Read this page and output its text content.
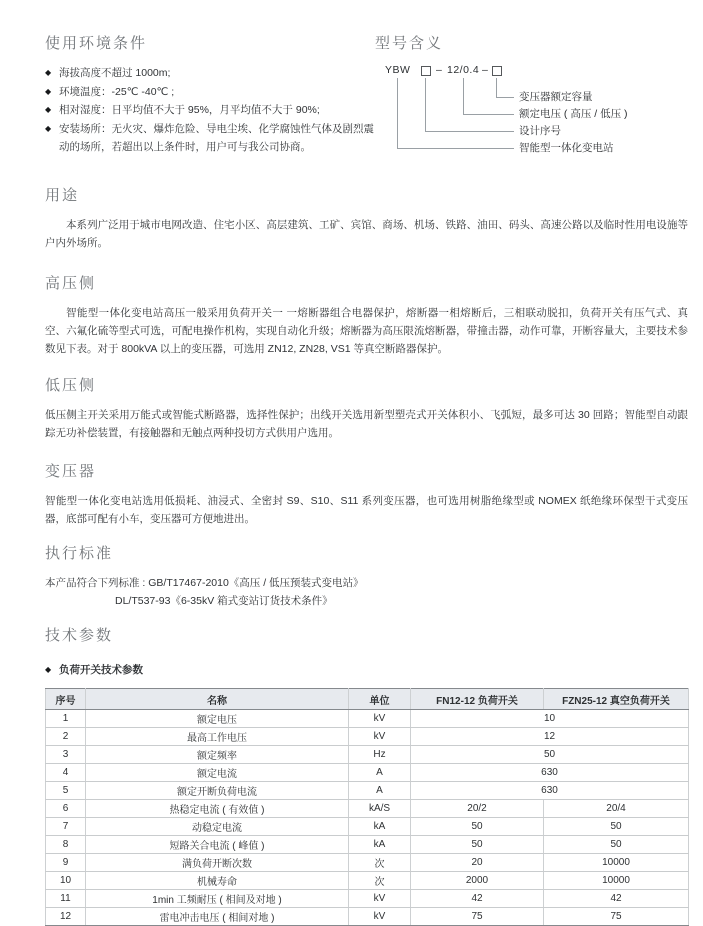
使用环境条件
◆ 海拔高度不超过 1000m;
◆ 环境温度：-25℃ -40℃ ;
◆ 相对湿度：日平均值不大于 95%，月平均值不大于 90%;
◆ 安装场所：无火灾、爆炸危险、导电尘埃、化学腐蚀性气体及剧烈震动的场所，若超出以上条件时，用户可与我公司协商。
型号含义
YBW – 12/0.4 –
变压器额定容量
额定电压 ( 高压 / 低压 )
设计序号
智能型一体化变电站
用途

本系列广泛用于城市电网改造、住宅小区、高层建筑、工矿、宾馆、商场、机场、铁路、油田、码头、高速公路以及临时性用电设施等户内外场所。

高压侧

智能型一体化变电站高压一般采用负荷开关一 一熔断器组合电器保护，熔断器一相熔断后，三相联动脱扣，负荷开关有压气式、真空、六氟化硫等型式可选，可配电操作机构，实现自动化升级；熔断器为高压限流熔断器，带撞击器，动作可靠，开断容量大，主要技术参数见下表。对于 800kVA 以上的变压器，可选用 ZN12, ZN28, VS1 等真空断路器保护。

低压侧

低压侧主开关采用万能式或智能式断路器，选择性保护；出线开关选用新型塑壳式开关体积小、飞弧短，最多可达 30 回路；智能型自动跟踪无功补偿装置，有接触器和无触点两种投切方式供用户选用。

变压器

智能型一体化变电站选用低损耗、油浸式、全密封 S9、S10、S11 系列变压器，也可选用树脂绝缘型或 NOMEX 纸绝缘环保型干式变压器，底部可配有小车，变压器可方便地进出。

执行标准

本产品符合下列标准 : GB/T17467-2010《高压 / 低压预装式变电站》

DL/T537-93《6-35kV 箱式变站订货技术条件》

技术参数
◆ 负荷开关技术参数
序号	名称	单位	FN12-12 负荷开关	FZN25-12 真空负荷开关
1	额定电压	kV	10	
2	最高工作电压	kV	12	
3	额定频率	Hz	50	
4	额定电流	A	630	
5	额定开断负荷电流	A	630	
6	热稳定电流 ( 有效值 )	kA/S	20/2	20/4
7	动稳定电流	kA	50	50
8	短路关合电流 ( 峰值 )	kA	50	50
9	满负荷开断次数	次	20	10000
10	机械寿命	次	2000	10000
11	1min 工频耐压 ( 相间及对地 )	kV	42	42
12	雷电冲击电压 ( 相间对地 )	kV	75	75
